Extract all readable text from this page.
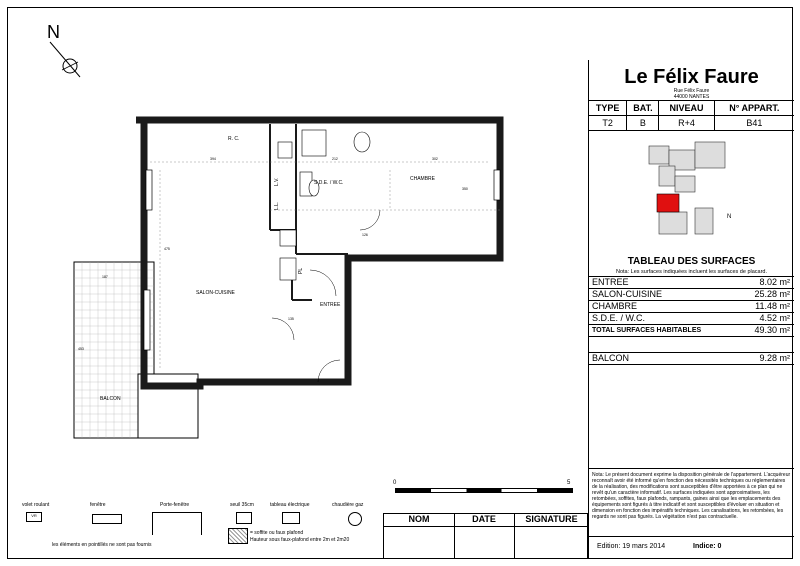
N
R. C.
S.D.E. / W.C.
CHAMBRE
SALON-CUISINE
ENTREE
BALCON
L.L.
L.V.
PL
394	212	302
475
350
187
453
135
126
0	5
volet roulant	fenêtre	Porte-fenêtre	seuil 35cm	tableau électrique	chaudière gaz
VR
= soffite ou faux plafond
Hauteur sous faux-plafond entre 2m et 2m20
les éléments en pointillés ne sont pas fournis
NOM	DATE	SIGNATURE
Le Félix Faure
Rue Félix Faure
44000 NANTES
TYPE	BAT.	NIVEAU	N° APPART.
T2	B	R+4	B41
N
TABLEAU DES SURFACES
Nota: Les surfaces indiquées incluent les surfaces de placard.
ENTREE	8.02 m²
SALON-CUISINE	25.28 m²
CHAMBRE	11.48 m²
S.D.E. / W.C.	4.52 m²
TOTAL SURFACES HABITABLES	49.30 m²
BALCON	9.28 m²
Nota: Le présent document exprime la disposition générale de l'appartement. L'acquéreur reconnaît avoir été informé qu'en fonction des nécessités techniques ou réglementaires de la réalisation, des modifications sont susceptibles d'être apportées à ce plan qui ne revêt qu'un caractère informatif. Les surfaces indiquées sont approximatives, les retombées, soffites, faux plafonds, rampants, gaines ainsi que les emplacements des équipements sont figurés à titre indicatif et sont susceptibles d'évoluer en situation et dimension en fonction des impératifs techniques. Les canalisations, les retombées, les regards ne sont pas figurés. La végétation n'est pas contractuelle.
Edition: 19 mars 2014	Indice: 0
